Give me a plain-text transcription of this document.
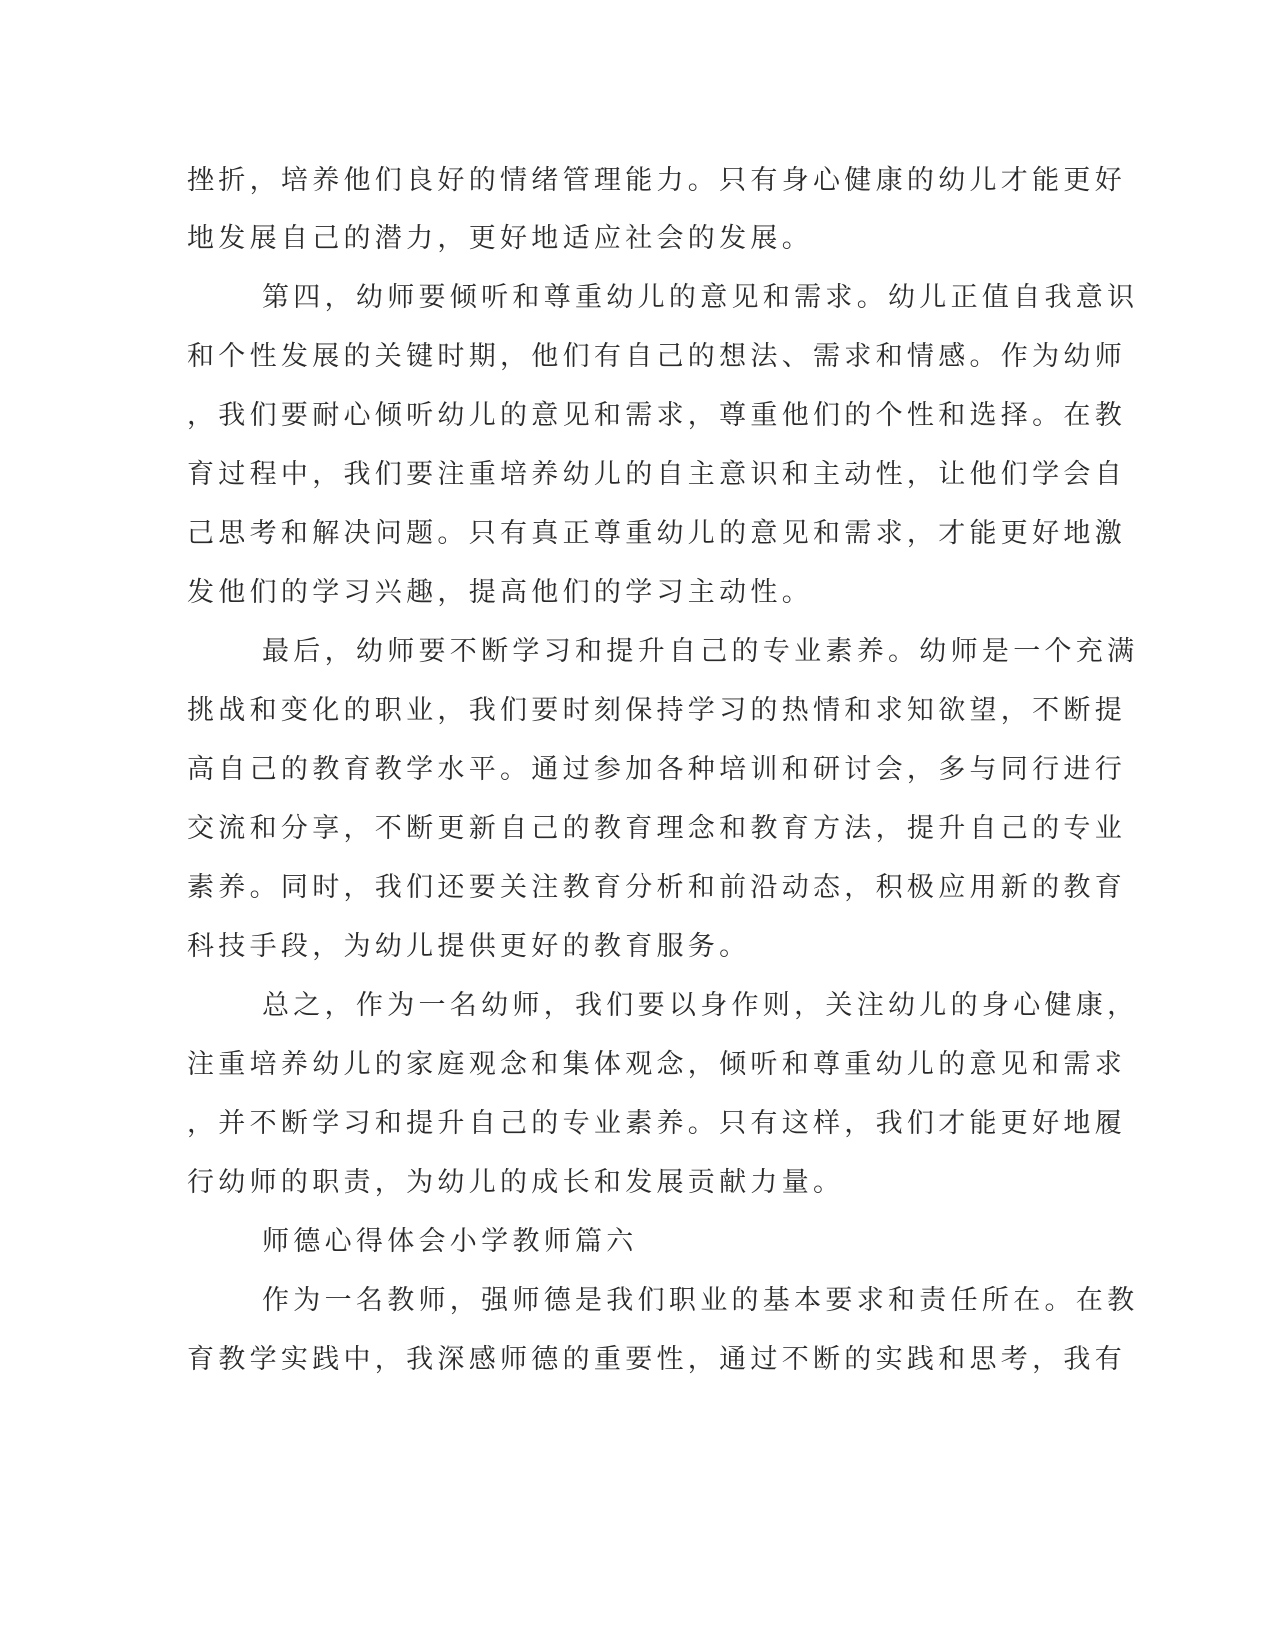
挫折，培养他们良好的情绪管理能力。只有身心健康的幼儿才能更好
地发展自己的潜力，更好地适应社会的发展。
第四，幼师要倾听和尊重幼儿的意见和需求。幼儿正值自我意识
和个性发展的关键时期，他们有自己的想法、需求和情感。作为幼师
，我们要耐心倾听幼儿的意见和需求，尊重他们的个性和选择。在教
育过程中，我们要注重培养幼儿的自主意识和主动性，让他们学会自
己思考和解决问题。只有真正尊重幼儿的意见和需求，才能更好地激
发他们的学习兴趣，提高他们的学习主动性。
最后，幼师要不断学习和提升自己的专业素养。幼师是一个充满
挑战和变化的职业，我们要时刻保持学习的热情和求知欲望，不断提
高自己的教育教学水平。通过参加各种培训和研讨会，多与同行进行
交流和分享，不断更新自己的教育理念和教育方法，提升自己的专业
素养。同时，我们还要关注教育分析和前沿动态，积极应用新的教育
科技手段，为幼儿提供更好的教育服务。
总之，作为一名幼师，我们要以身作则，关注幼儿的身心健康，
注重培养幼儿的家庭观念和集体观念，倾听和尊重幼儿的意见和需求
，并不断学习和提升自己的专业素养。只有这样，我们才能更好地履
行幼师的职责，为幼儿的成长和发展贡献力量。
师德心得体会小学教师篇六
作为一名教师，强师德是我们职业的基本要求和责任所在。在教
育教学实践中，我深感师德的重要性，通过不断的实践和思考，我有
